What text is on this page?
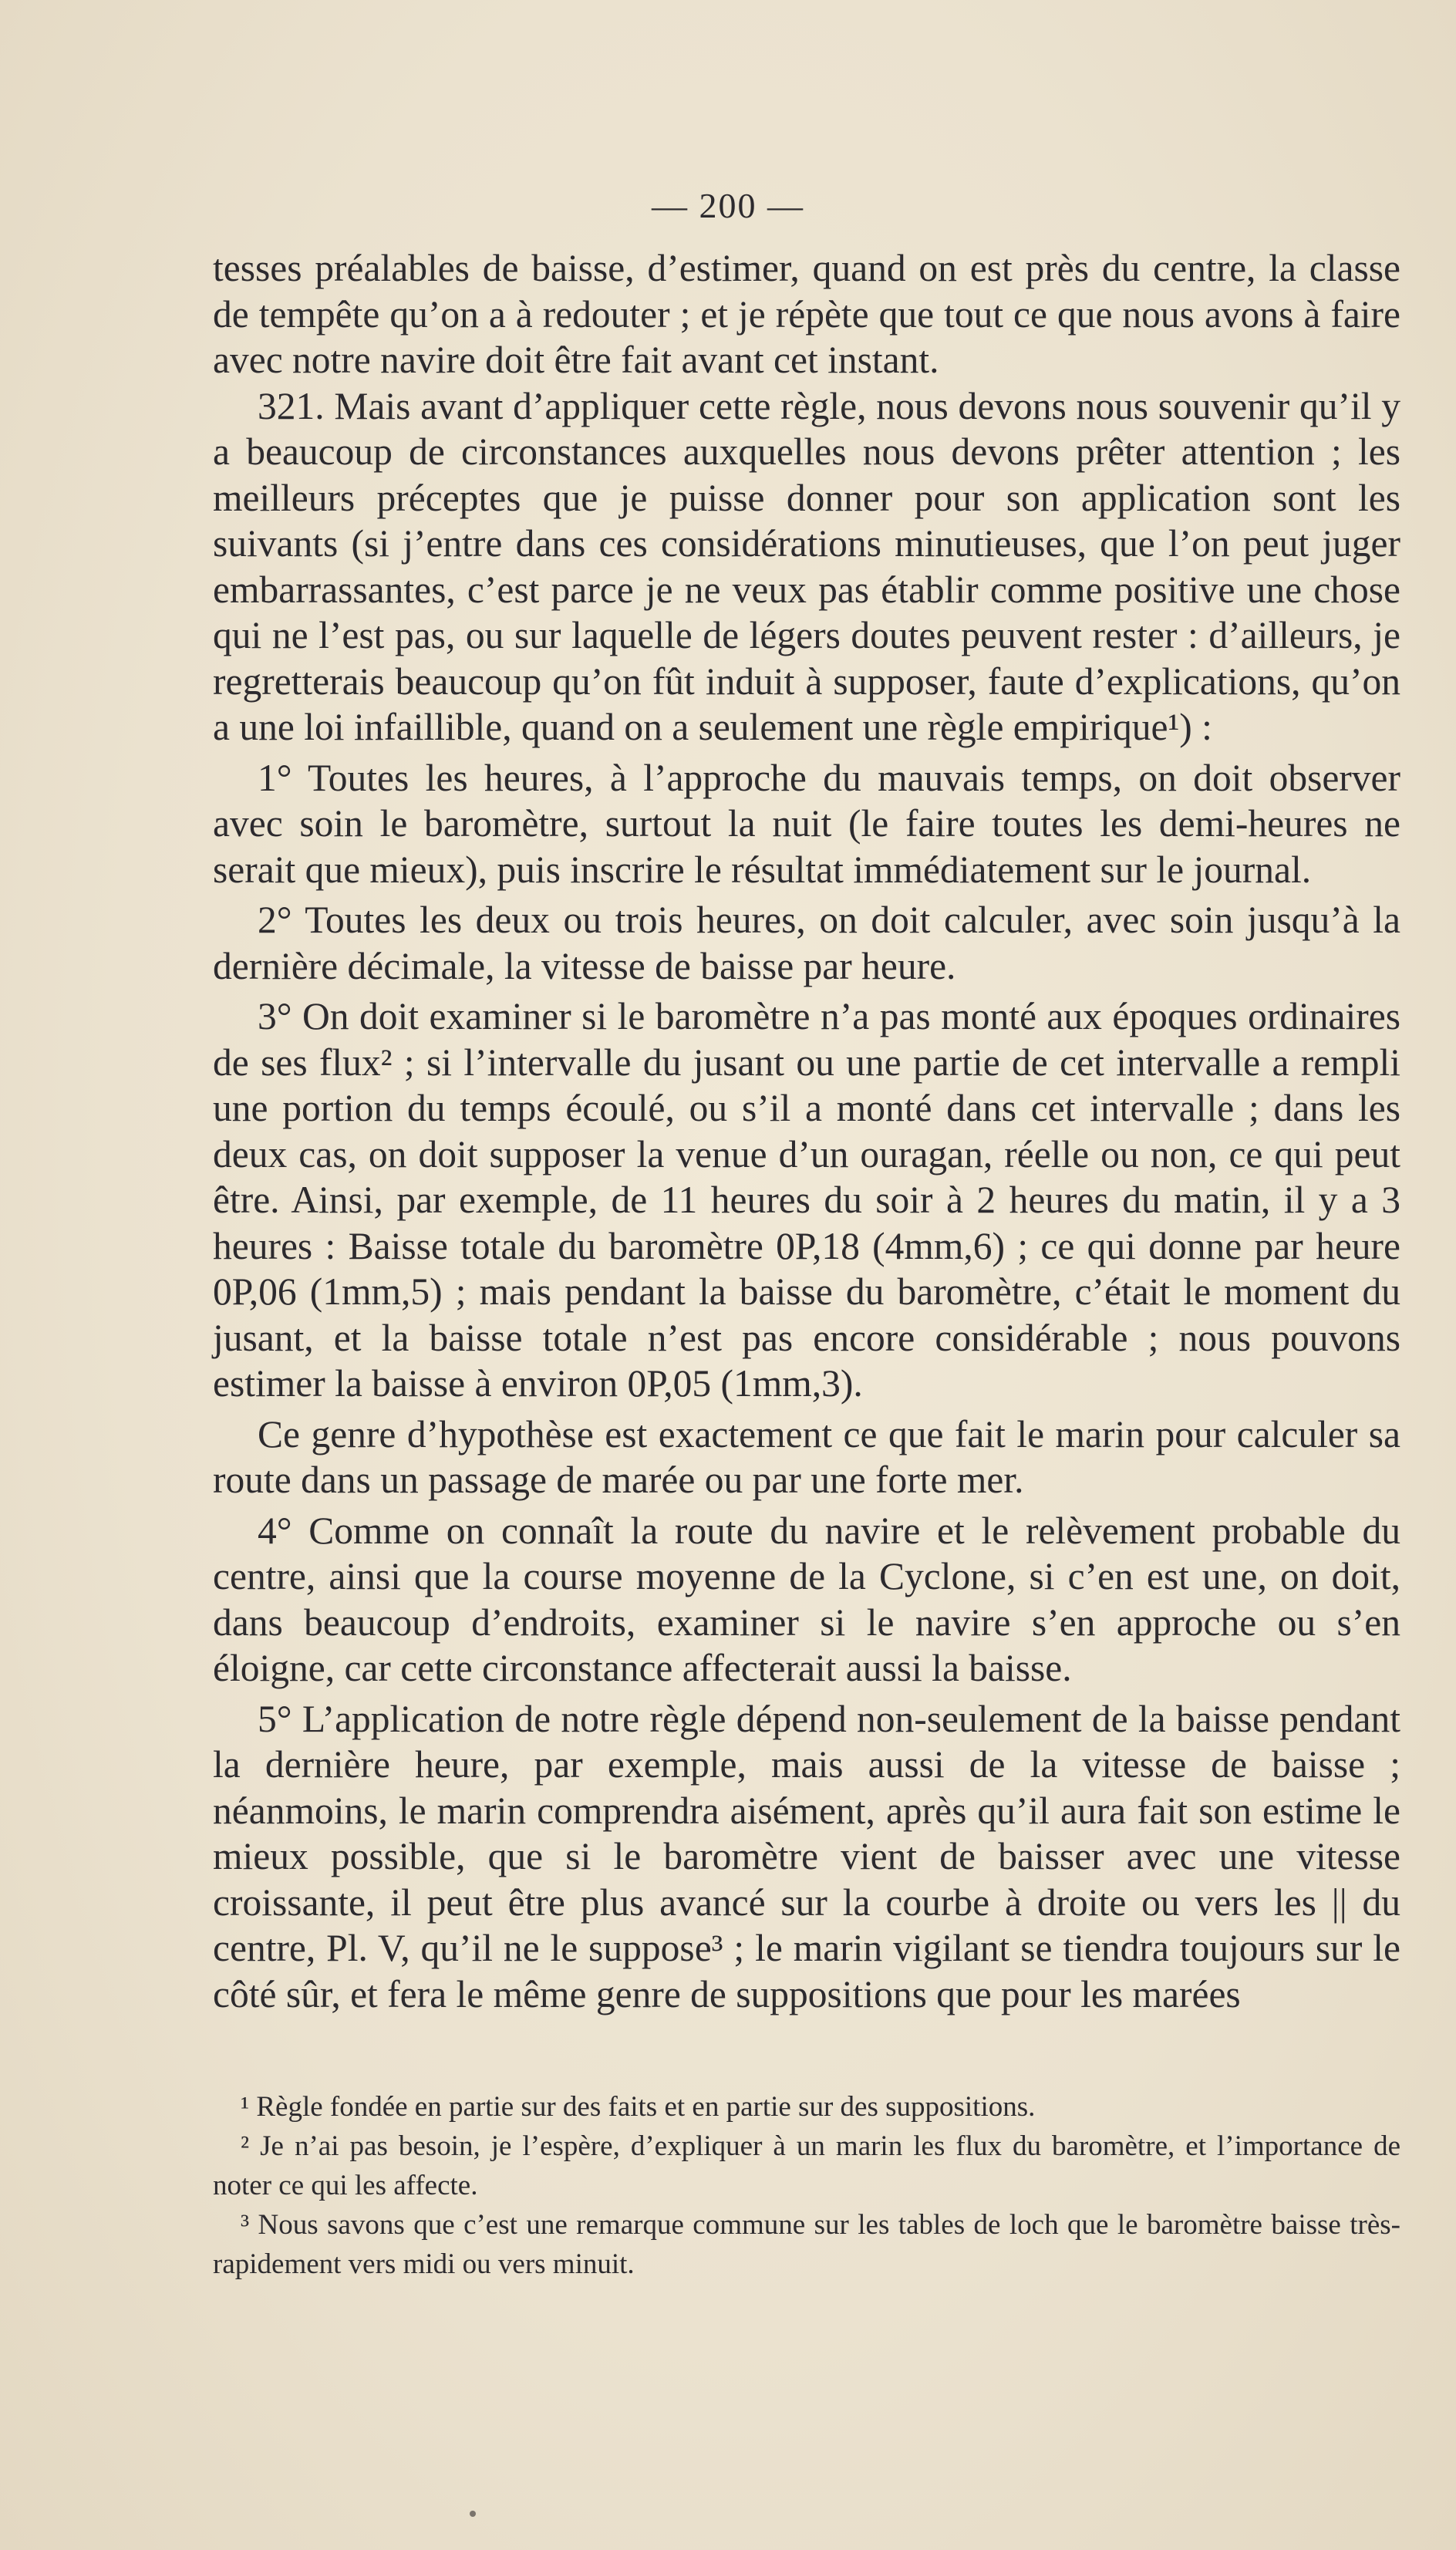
— 200 —

tesses préalables de baisse, d’estimer, quand on est près du centre, la classe de tempête qu’on a à redouter ; et je répète que tout ce que nous avons à faire avec notre navire doit être fait avant cet instant.

321. Mais avant d’appliquer cette règle, nous devons nous souvenir qu’il y a beaucoup de circonstances auxquelles nous devons prêter attention ; les meilleurs préceptes que je puisse donner pour son application sont les suivants (si j’entre dans ces considérations minutieuses, que l’on peut juger embarrassantes, c’est parce je ne veux pas établir comme positive une chose qui ne l’est pas, ou sur laquelle de légers doutes peuvent rester : d’ailleurs, je regretterais beaucoup qu’on fût induit à supposer, faute d’explications, qu’on a une loi infaillible, quand on a seulement une règle empirique¹) :

1° Toutes les heures, à l’approche du mauvais temps, on doit observer avec soin le baromètre, surtout la nuit (le faire toutes les demi-heures ne serait que mieux), puis inscrire le résultat immédiatement sur le journal.

2° Toutes les deux ou trois heures, on doit calculer, avec soin jusqu’à la dernière décimale, la vitesse de baisse par heure.

3° On doit examiner si le baromètre n’a pas monté aux époques ordinaires de ses flux² ; si l’intervalle du jusant ou une partie de cet intervalle a rempli une portion du temps écoulé, ou s’il a monté dans cet intervalle ; dans les deux cas, on doit supposer la venue d’un ouragan, réelle ou non, ce qui peut être. Ainsi, par exemple, de 11 heures du soir à 2 heures du matin, il y a 3 heures : Baisse totale du baromètre 0P,18 (4mm,6) ; ce qui donne par heure 0P,06 (1mm,5) ; mais pendant la baisse du baromètre, c’était le moment du jusant, et la baisse totale n’est pas encore considérable ; nous pouvons estimer la baisse à environ 0P,05 (1mm,3).

Ce genre d’hypothèse est exactement ce que fait le marin pour calculer sa route dans un passage de marée ou par une forte mer.

4° Comme on connaît la route du navire et le relèvement probable du centre, ainsi que la course moyenne de la Cyclone, si c’en est une, on doit, dans beaucoup d’endroits, examiner si le navire s’en approche ou s’en éloigne, car cette circonstance affecterait aussi la baisse.

5° L’application de notre règle dépend non-seulement de la baisse pendant la dernière heure, par exemple, mais aussi de la vitesse de baisse ; néanmoins, le marin comprendra aisément, après qu’il aura fait son estime le mieux possible, que si le baromètre vient de baisser avec une vitesse croissante, il peut être plus avancé sur la courbe à droite ou vers les || du centre, Pl. V, qu’il ne le suppose³ ; le marin vigilant se tiendra toujours sur le côté sûr, et fera le même genre de suppositions que pour les marées

¹ Règle fondée en partie sur des faits et en partie sur des suppositions.

² Je n’ai pas besoin, je l’espère, d’expliquer à un marin les flux du baromètre, et l’importance de noter ce qui les affecte.

³ Nous savons que c’est une remarque commune sur les tables de loch que le baromètre baisse très-rapidement vers midi ou vers minuit.
